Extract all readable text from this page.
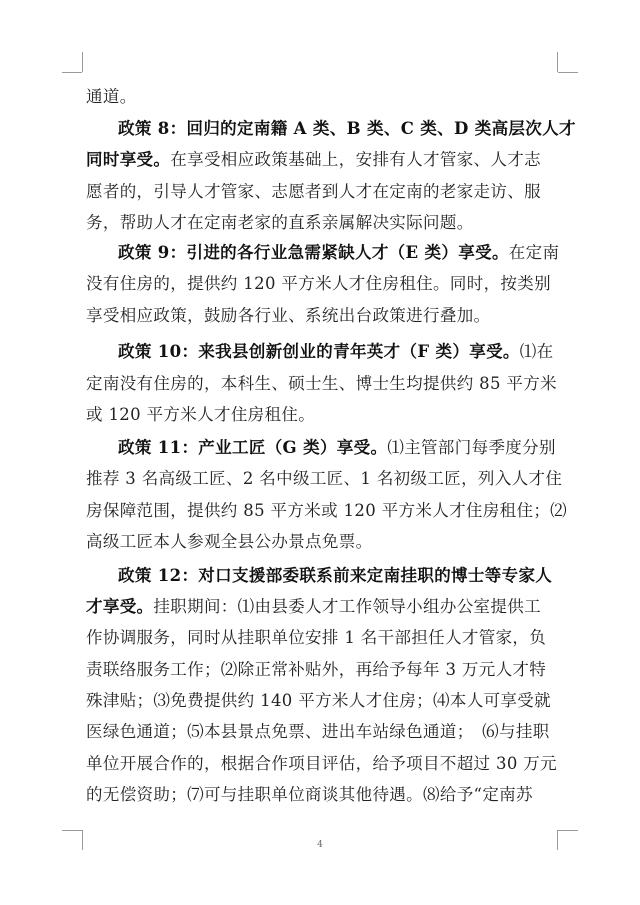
通道。
政策 8：回归的定南籍 A 类、B 类、C 类、D 类高层次人才
同时享受。在享受相应政策基础上，安排有人才管家、人才志
愿者的，引导人才管家、志愿者到人才在定南的老家走访、服
务，帮助人才在定南老家的直系亲属解决实际问题。
政策 9：引进的各行业急需紧缺人才（E 类）享受。在定南
没有住房的，提供约 120 平方米人才住房租住。同时，按类别
享受相应政策，鼓励各行业、系统出台政策进行叠加。
政策 10：来我县创新创业的青年英才（F 类）享受。⑴在
定南没有住房的，本科生、硕士生、博士生均提供约 85 平方米
或 120 平方米人才住房租住。
政策 11：产业工匠（G 类）享受。⑴主管部门每季度分别
推荐 3 名高级工匠、2 名中级工匠、1 名初级工匠，列入人才住
房保障范围，提供约 85 平方米或 120 平方米人才住房租住；⑵
高级工匠本人参观全县公办景点免票。
政策 12：对口支援部委联系前来定南挂职的博士等专家人
才享受。挂职期间：⑴由县委人才工作领导小组办公室提供工
作协调服务，同时从挂职单位安排 1 名干部担任人才管家，负
责联络服务工作；⑵除正常补贴外，再给予每年 3 万元人才特
殊津贴；⑶免费提供约 140 平方米人才住房；⑷本人可享受就
医绿色通道；⑸本县景点免票、进出车站绿色通道；　⑹与挂职
单位开展合作的，根据合作项目评估，给予项目不超过 30 万元
的无偿资助；⑺可与挂职单位商谈其他待遇。⑻给予“定南苏
4
